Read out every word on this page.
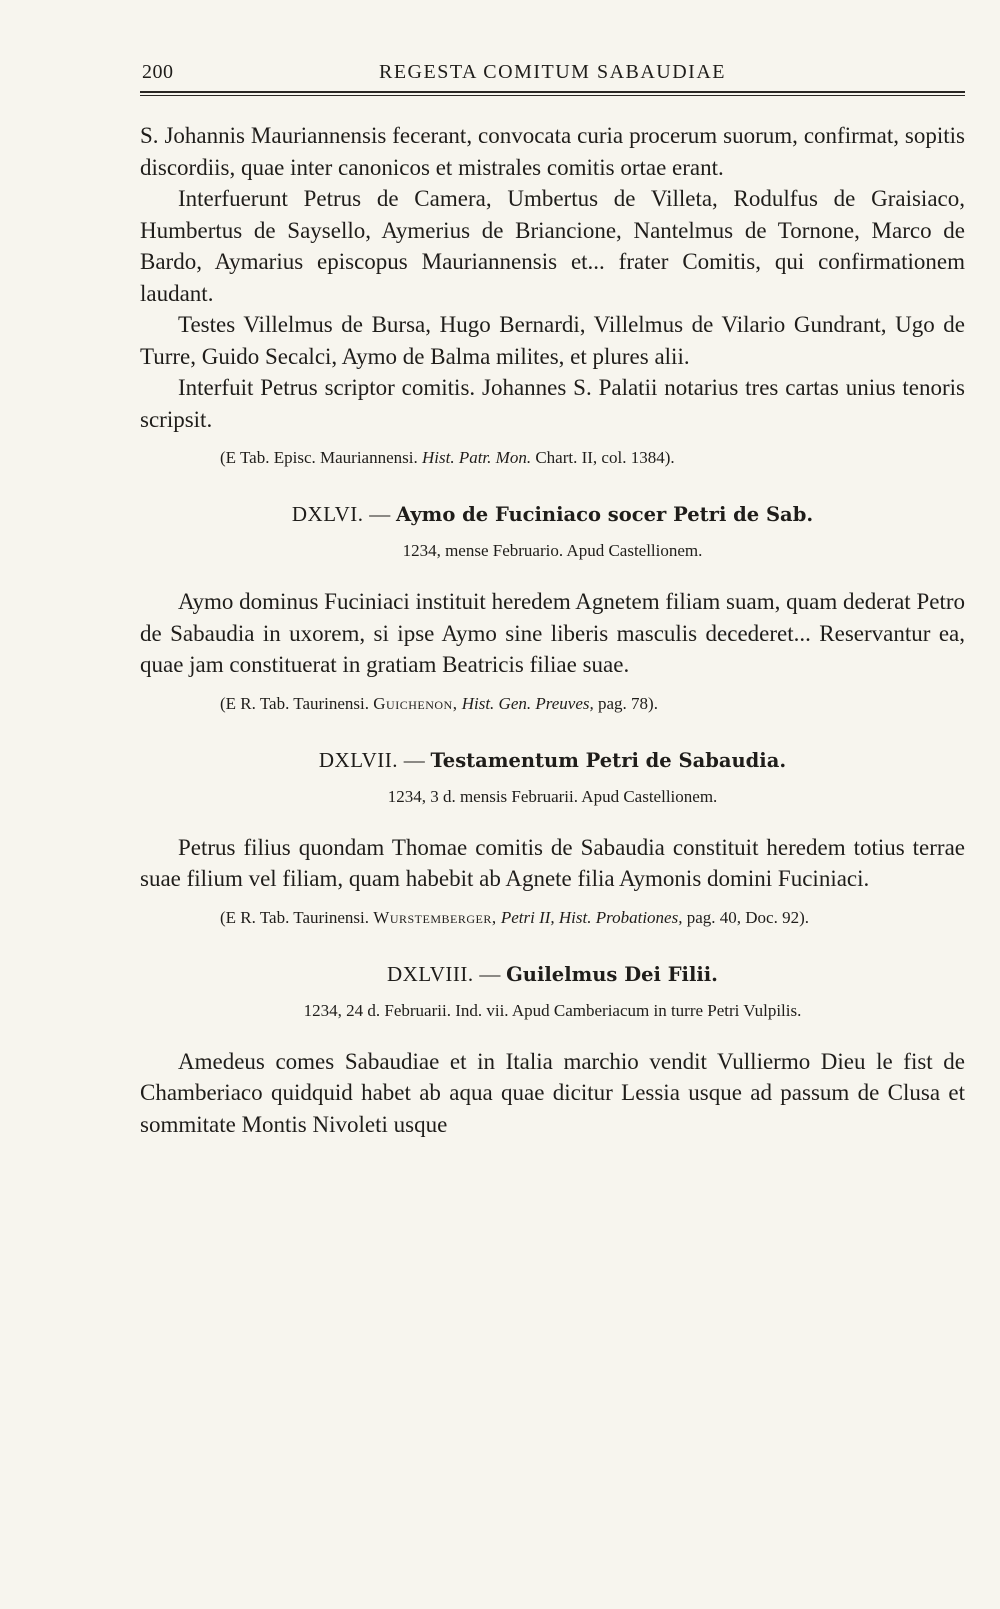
200	REGESTA COMITUM SABAUDIAE

S. Johannis Mauriannensis fecerant, convocata curia procerum suorum, confirmat, sopitis discordiis, quae inter canonicos et mistrales comitis ortae erant.

Interfuerunt Petrus de Camera, Umbertus de Villeta, Rodulfus de Graisiaco, Humbertus de Saysello, Aymerius de Briancione, Nantelmus de Tornone, Marco de Bardo, Aymarius episcopus Mauriannensis et... frater Comitis, qui confirmationem laudant.

Testes Villelmus de Bursa, Hugo Bernardi, Villelmus de Vilario Gundrant, Ugo de Turre, Guido Secalci, Aymo de Balma milites, et plures alii.

Interfuit Petrus scriptor comitis. Johannes S. Palatii notarius tres cartas unius tenoris scripsit.

(E Tab. Episc. Mauriannensi. Hist. Patr. Mon. Chart. II, col. 1384).

DXLVI. — Aymo de Fuciniaco socer Petri de Sab.
1234, mense Februario. Apud Castellionem.

Aymo dominus Fuciniaci instituit heredem Agnetem filiam suam, quam dederat Petro de Sabaudia in uxorem, si ipse Aymo sine liberis masculis decederet... Reservantur ea, quae jam constituerat in gratiam Beatricis filiae suae.

(E R. Tab. Taurinensi. Guichenon, Hist. Gen. Preuves, pag. 78).

DXLVII. — Testamentum Petri de Sabaudia.
1234, 3 d. mensis Februarii. Apud Castellionem.

Petrus filius quondam Thomae comitis de Sabaudia constituit heredem totius terrae suae filium vel filiam, quam habebit ab Agnete filia Aymonis domini Fuciniaci.

(E R. Tab. Taurinensi. Wurstemberger, Petri II, Hist. Probationes, pag. 40, Doc. 92).

DXLVIII. — Guilelmus Dei Filii.
1234, 24 d. Februarii. Ind. vii. Apud Camberiacum in turre Petri Vulpilis.

Amedeus comes Sabaudiae et in Italia marchio vendit Vulliermo Dieu le fist de Chamberiaco quidquid habet ab aqua quae dicitur Lessia usque ad passum de Clusa et sommitate Montis Nivoleti usque
